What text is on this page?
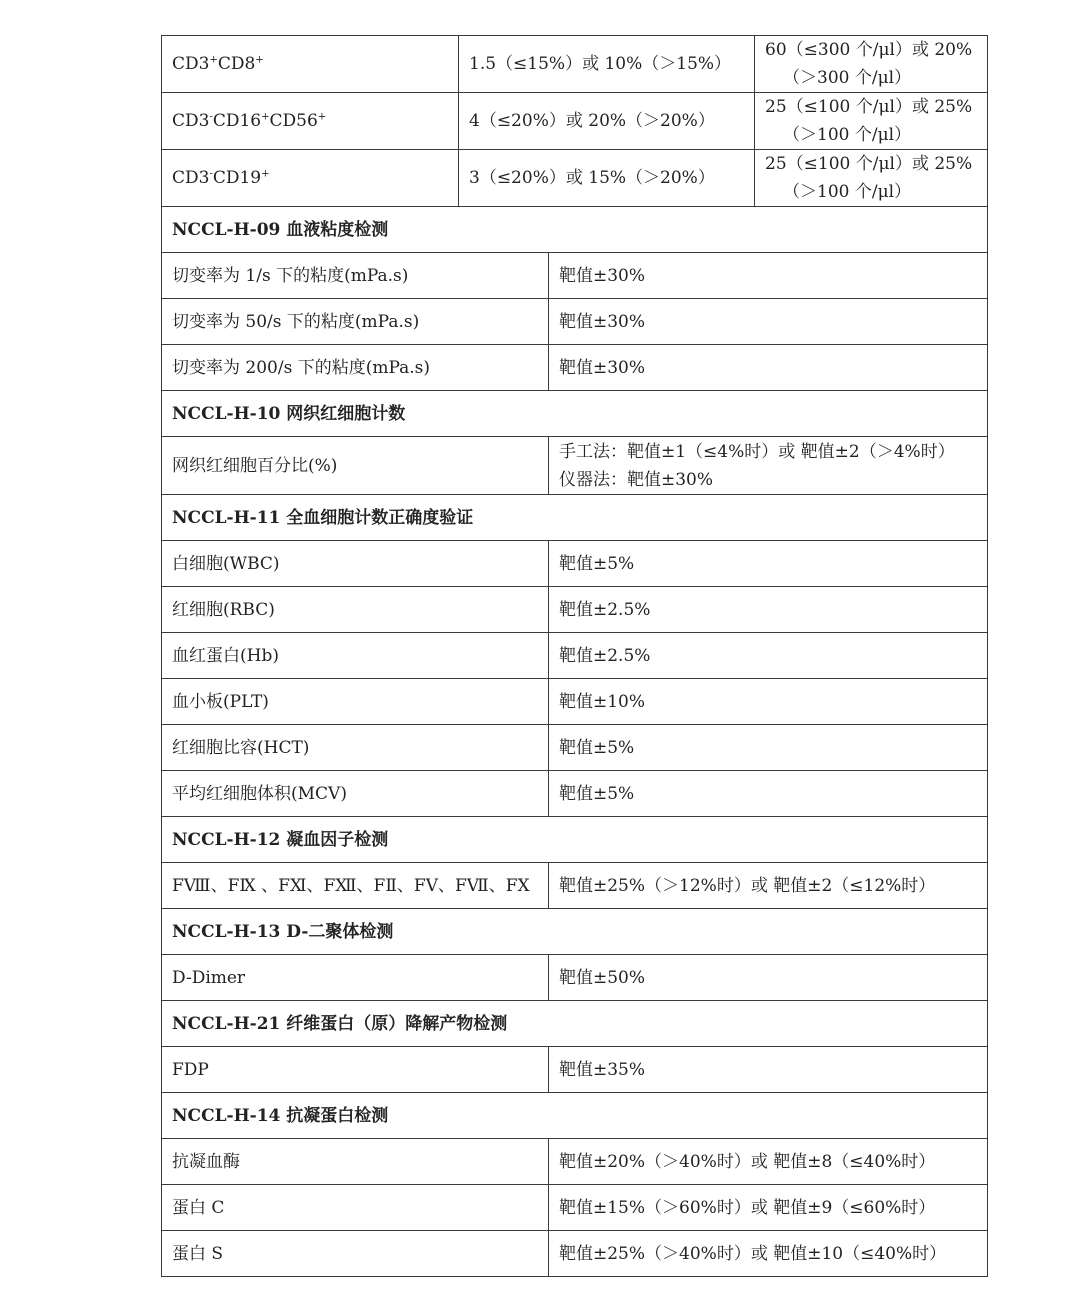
CD3+CD8+	1.5（≤15%）或 10%（＞15%）		60（≤300 个/μl）或 20%
（＞300 个/μl）
CD3-CD16+CD56+	4（≤20%）或 20%（＞20%）		25（≤100 个/μl）或 25%
（＞100 个/μl）
CD3-CD19+	3（≤20%）或 15%（＞20%）		25（≤100 个/μl）或 25%
（＞100 个/μl）
NCCL-H-09 血液粘度检测			
切变率为 1/s 下的粘度(mPa.s)		靶值±30%	
切变率为 50/s 下的粘度(mPa.s)		靶值±30%	
切变率为 200/s 下的粘度(mPa.s)		靶值±30%	
NCCL-H-10 网织红细胞计数			
网织红细胞百分比(%)		手工法：靶值±1（≤4%时）或 靶值±2（＞4%时）
仪器法：靶值±30%	
NCCL-H-11 全血细胞计数正确度验证			
白细胞(WBC)		靶值±5%	
红细胞(RBC)		靶值±2.5%	
血红蛋白(Hb)		靶值±2.5%	
血小板(PLT)		靶值±10%	
红细胞比容(HCT)		靶值±5%	
平均红细胞体积(MCV)		靶值±5%	
NCCL-H-12 凝血因子检测			
FⅧ、FⅨ 、FⅪ、FⅫ、FⅡ、FⅤ、FⅦ、FⅩ		靶值±25%（＞12%时）或 靶值±2（≤12%时）	
NCCL-H-13 D-二聚体检测			
D-Dimer		靶值±50%	
NCCL-H-21 纤维蛋白（原）降解产物检测			
FDP		靶值±35%	
NCCL-H-14 抗凝蛋白检测			
抗凝血酶		靶值±20%（＞40%时）或 靶值±8（≤40%时）	
蛋白 C		靶值±15%（＞60%时）或 靶值±9（≤60%时）	
蛋白 S		靶值±25%（＞40%时）或 靶值±10（≤40%时）	
